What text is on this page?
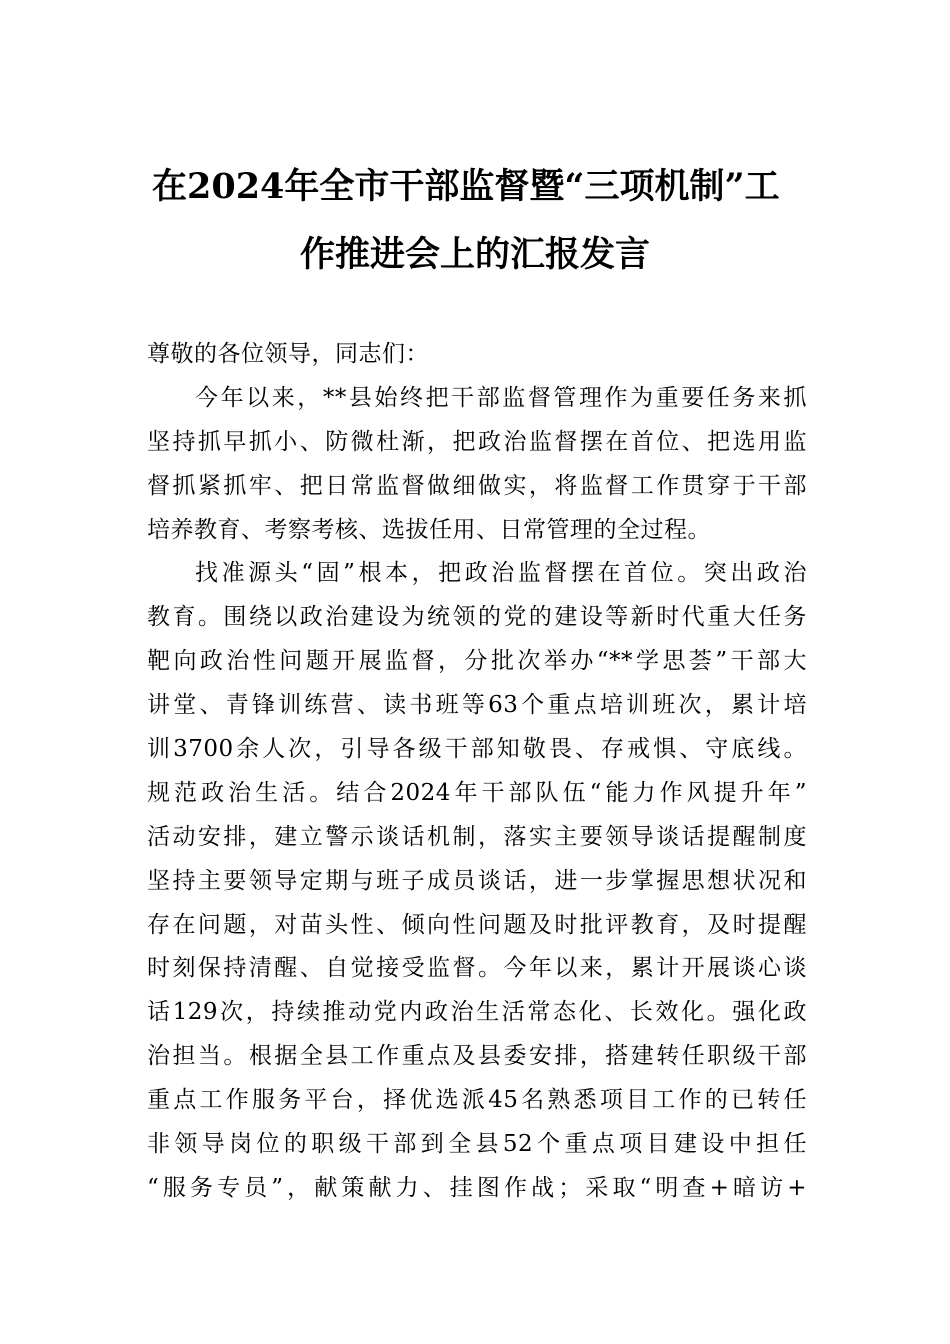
在2024年全市干部监督暨“三项机制”工
作推进会上的汇报发言
尊敬的各位领导，同志们：
今年以来，**县始终把干部监督管理作为重要任务来抓
坚持抓早抓小、防微杜渐，把政治监督摆在首位、把选用监
督抓紧抓牢、把日常监督做细做实，将监督工作贯穿于干部
培养教育、考察考核、选拔任用、日常管理的全过程。
找准源头“固”根本，把政治监督摆在首位。突出政治
教育。围绕以政治建设为统领的党的建设等新时代重大任务
靶向政治性问题开展监督，分批次举办“**学思荟”干部大
讲堂、青锋训练营、读书班等63个重点培训班次，累计培
训3700余人次，引导各级干部知敬畏、存戒惧、守底线。
规范政治生活。结合2024年干部队伍“能力作风提升年”
活动安排，建立警示谈话机制，落实主要领导谈话提醒制度
坚持主要领导定期与班子成员谈话，进一步掌握思想状况和
存在问题，对苗头性、倾向性问题及时批评教育，及时提醒
时刻保持清醒、自觉接受监督。今年以来，累计开展谈心谈
话129次，持续推动党内政治生活常态化、长效化。强化政
治担当。根据全县工作重点及县委安排，搭建转任职级干部
重点工作服务平台，择优选派45名熟悉项目工作的已转任
非领导岗位的职级干部到全县52个重点项目建设中担任
“服务专员”，献策献力、挂图作战；采取“明查+暗访+
